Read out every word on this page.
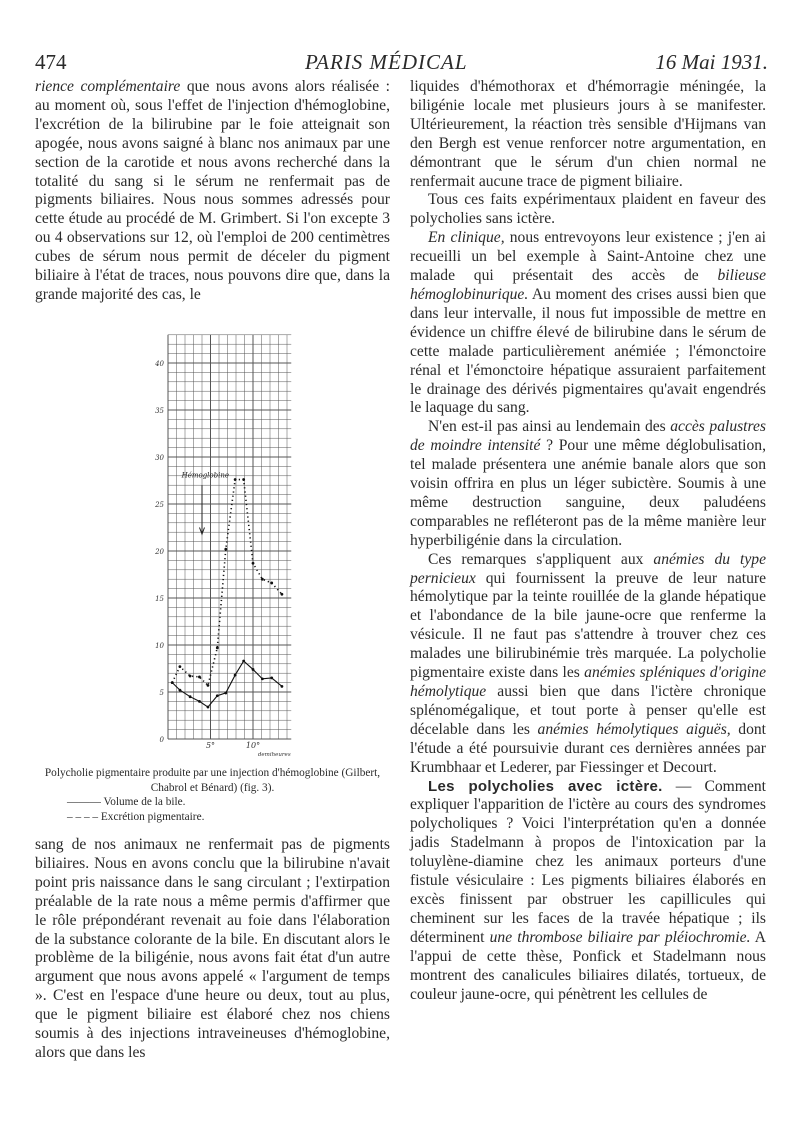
474	PARIS MÉDICAL	16 Mai 1931.

rience complémentaire que nous avons alors réalisée : au moment où, sous l'effet de l'injection d'hémoglobine, l'excrétion de la bilirubine par le foie atteignait son apogée, nous avons saigné à blanc nos animaux par une section de la carotide et nous avons recherché dans la totalité du sang si le sérum ne renfermait pas de pigments biliaires. Nous nous sommes adressés pour cette étude au procédé de M. Grimbert. Si l'on excepte 3 ou 4 observations sur 12, où l'emploi de 200 centimètres cubes de sérum nous permit de déceler du pigment biliaire à l'état de traces, nous pouvons dire que, dans la grande majorité des cas, le

0
5
10
15
20
25
30
35
40
5°	10°
demiheures
Hémoglobine
Polycholie pigmentaire produite par une injection d'hémoglobine (Gilbert, Chabrol et Bénard) (fig. 3).
——— Volume de la bile.
– – – – Excrétion pigmentaire.

sang de nos animaux ne renfermait pas de pigments biliaires. Nous en avons conclu que la bilirubine n'avait point pris naissance dans le sang circulant ; l'extirpation préalable de la rate nous a même permis d'affirmer que le rôle prépondérant revenait au foie dans l'élaboration de la substance colorante de la bile. En discutant alors le problème de la biligénie, nous avons fait état d'un autre argument que nous avons appelé « l'argument de temps ». C'est en l'espace d'une heure ou deux, tout au plus, que le pigment biliaire est élaboré chez nos chiens soumis à des injections intraveineuses d'hémoglobine, alors que dans les

liquides d'hémothorax et d'hémorragie méningée, la biligénie locale met plusieurs jours à se manifester. Ultérieurement, la réaction très sensible d'Hijmans van den Bergh est venue renforcer notre argumentation, en démontrant que le sérum d'un chien normal ne renfermait aucune trace de pigment biliaire.

Tous ces faits expérimentaux plaident en faveur des polycholies sans ictère.

En clinique, nous entrevoyons leur existence ; j'en ai recueilli un bel exemple à Saint-Antoine chez une malade qui présentait des accès de bilieuse hémoglobinurique. Au moment des crises aussi bien que dans leur intervalle, il nous fut impossible de mettre en évidence un chiffre élevé de bilirubine dans le sérum de cette malade particulièrement anémiée ; l'émonctoire rénal et l'émonctoire hépatique assuraient parfaitement le drainage des dérivés pigmentaires qu'avait engendrés le laquage du sang.

N'en est-il pas ainsi au lendemain des accès palustres de moindre intensité ? Pour une même déglobulisation, tel malade présentera une anémie banale alors que son voisin offrira en plus un léger subictère. Soumis à une même destruction sanguine, deux paludéens comparables ne refléteront pas de la même manière leur hyperbiligénie dans la circulation.

Ces remarques s'appliquent aux anémies du type pernicieux qui fournissent la preuve de leur nature hémolytique par la teinte rouillée de la glande hépatique et l'abondance de la bile jaune-ocre que renferme la vésicule. Il ne faut pas s'attendre à trouver chez ces malades une bilirubinémie très marquée. La polycholie pigmentaire existe dans les anémies spléniques d'origine hémolytique aussi bien que dans l'ictère chronique splénomégalique, et tout porte à penser qu'elle est décelable dans les anémies hémolytiques aiguës, dont l'étude a été poursuivie durant ces dernières années par Krumbhaar et Lederer, par Fiessinger et Decourt.

Les polycholies avec ictère. — Comment expliquer l'apparition de l'ictère au cours des syndromes polycholiques ? Voici l'interprétation qu'en a donnée jadis Stadelmann à propos de l'intoxication par la toluylène-diamine chez les animaux porteurs d'une fistule vésiculaire : Les pigments biliaires élaborés en excès finissent par obstruer les capillicules qui cheminent sur les faces de la travée hépatique ; ils déterminent une thrombose biliaire par pléiochromie. A l'appui de cette thèse, Ponfick et Stadelmann nous montrent des canalicules biliaires dilatés, tortueux, de couleur jaune-ocre, qui pénètrent les cellules de
